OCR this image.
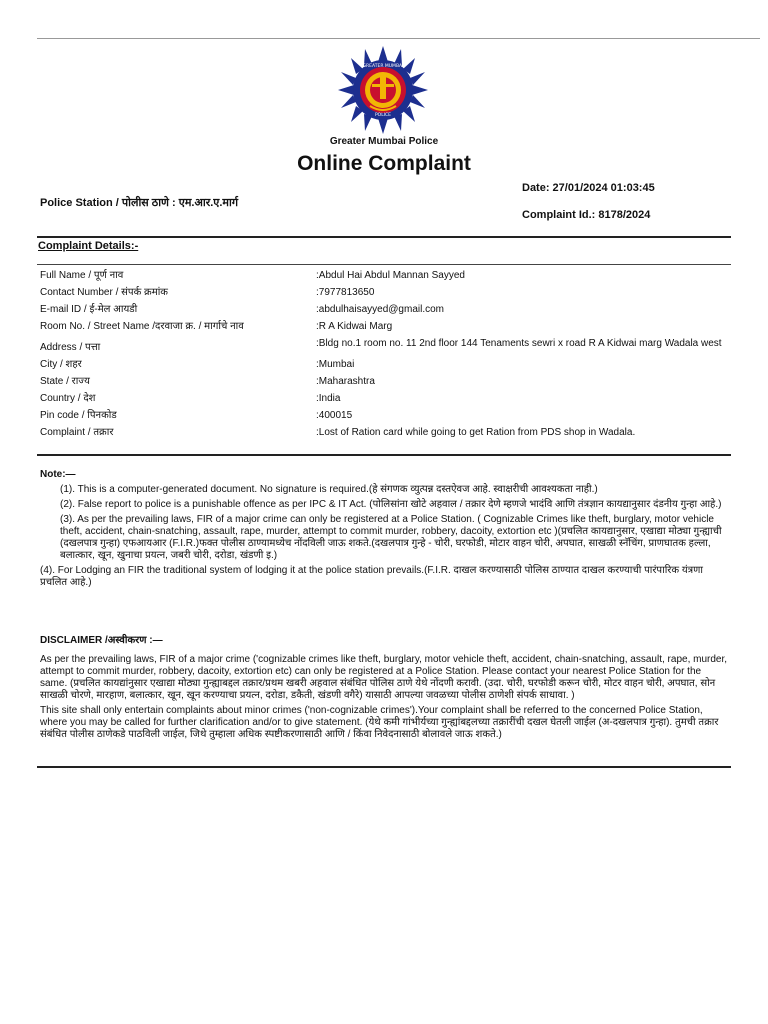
GREATER MUMBAI
POLICE
Greater Mumbai Police
Online Complaint
Police Station / पोलीस ठाणे : एम.आर.ए.मार्ग
Date: 27/01/2024 01:03:45
Complaint Id.: 8178/2024
Complaint Details:-
Full Name / पूर्ण नाव	:Abdul Hai Abdul Mannan Sayyed
Contact Number / संपर्क क्रमांक	:7977813650
E-mail ID / ई-मेल आयडी	:abdulhaisayyed@gmail.com
Room No. / Street Name /दरवाजा क्र. / मार्गाचे नाव	:R A Kidwai Marg
Address / पत्ता	:Bldg no.1 room no. 11 2nd floor 144 Tenaments sewri x road R A Kidwai marg Wadala west
City / शहर	:Mumbai
State / राज्य	:Maharashtra
Country / देश	:India
Pin code / पिनकोड	:400015
Complaint / तक्रार	:Lost of Ration card while going to get Ration from PDS shop in Wadala.
Note:—

(1). This is a computer-generated document. No signature is required.(हे संगणक व्युत्पन्न दस्तऐवज आहे. स्वाक्षरीची आवश्यकता नाही.)

(2). False report to police is a punishable offence as per IPC & IT Act. (पोलिसांना खोटे अहवाल / तक्रार देणे म्हणजे भादंवि आणि तंत्रज्ञान कायद्यानुसार दंडनीय गुन्हा आहे.)

(3). As per the prevailing laws, FIR of a major crime can only be registered at a Police Station. ( Cognizable Crimes like theft, burglary, motor vehicle theft, accident, chain-snatching, assault, rape, murder, attempt to commit murder, robbery, dacoity, extortion etc )(प्रचलित कायद्यानुसार, एखाद्या मोठ्या गुन्ह्याची (दखलपात्र गुन्हा) एफआयआर (F.I.R.)फक्त पोलीस ठाण्यामध्येच नोंदविली जाऊ शकते.(दखलपात्र गुन्हे - चोरी, घरफोडी, मोटार वाहन चोरी, अपघात, साखळी स्नॅचिंग, प्राणघातक हल्ला, बलात्कार, खून, खुनाचा प्रयत्न, जबरी चोरी, दरोडा, खंडणी इ.)

(4). For Lodging an FIR the traditional system of lodging it at the police station prevails.(F.I.R. दाखल करण्यासाठी पोलिस ठाण्यात दाखल करण्याची पारंपारिक यंत्रणा प्रचलित आहे.)

DISCLAIMER /अस्वीकरण :—

As per the prevailing laws, FIR of a major crime ('cognizable crimes like theft, burglary, motor vehicle theft, accident, chain-snatching, assault, rape, murder, attempt to commit murder, robbery, dacoity, extortion etc) can only be registered at a Police Station. Please contact your nearest Police Station for the same. (प्रचलित कायद्यांनुसार एखाद्या मोठ्या गुन्ह्याबद्दल तक्रार/प्रथम खबरी अहवाल संबंधित पोलिस ठाणे येथे नोंदणी करावी. (उदा. चोरी, घरफोडी करून चोरी, मोटर वाहन चोरी, अपघात, सोन साखळी चोरणे, मारहाण, बलात्कार, खून, खून करण्याचा प्रयत्न, दरोडा, डकैती, खंडणी वगैरे) यासाठी आपल्या जवळच्या पोलीस ठाणेशी संपर्क साधावा. )

This site shall only entertain complaints about minor crimes ('non-cognizable crimes').Your complaint shall be referred to the concerned Police Station, where you may be called for further clarification and/or to give statement. (येथे कमी गांभीर्यच्या गुन्ह्यांबद्दलच्या तक्रारींची दखल घेतली जाईल (अ-दखलपात्र गुन्हा). तुमची तक्रार संबंधित पोलीस ठाणेकडे पाठविली जाईल, जिथे तुम्हाला अधिक स्पष्टीकरणासाठी आणि / किंवा निवेदनासाठी बोलावले जाऊ शकते.)
